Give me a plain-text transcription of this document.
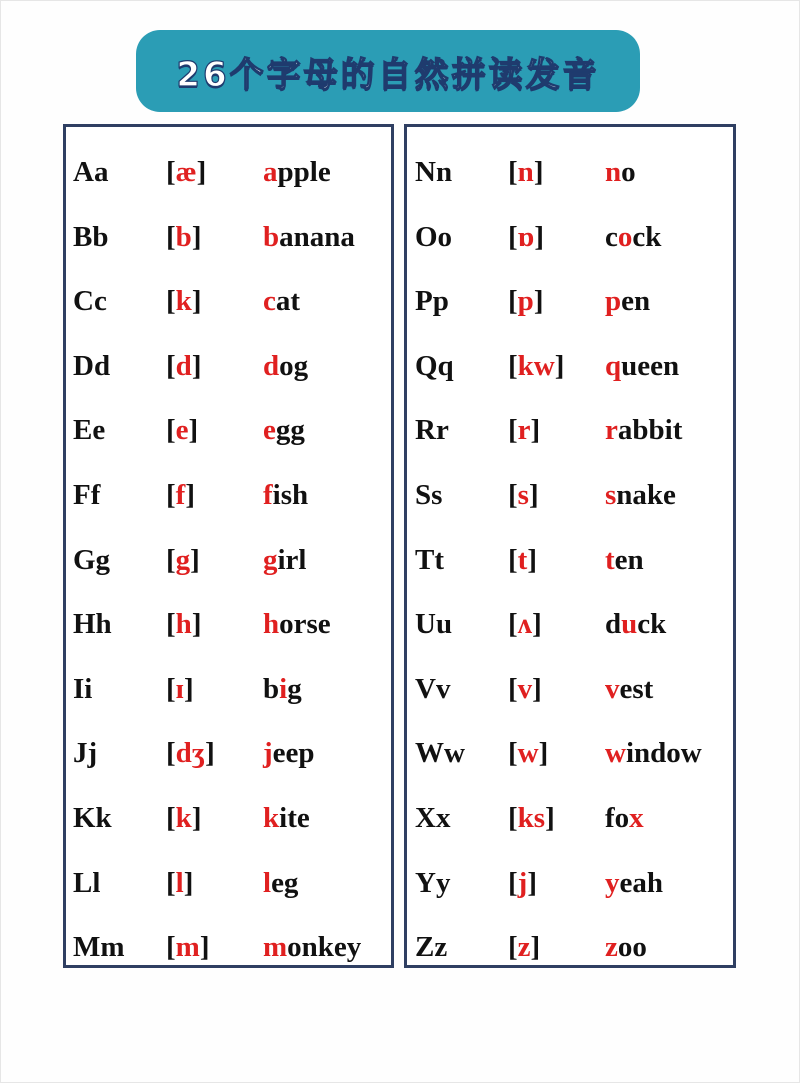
26个字母的自然拼读发音
Aa [æ] apple
Bb [b] banana
Cc [k] cat
Dd [d] dog
Ee [e] egg
Ff [f] fish
Gg [g] girl
Hh [h] horse
Ii	[ɪ] big
Jj [dʒ] jeep
Kk [k] kite
Ll [l] leg
Mm [m] monkey
Nn [n] no
Oo [ɒ] cock
Pp [p] pen
Qq [kw] queen
Rr [r] rabbit
Ss [s] snake
Tt [t] ten
Uu [ʌ] duck
Vv [v] vest
Ww [w] window
Xx [ks] fox
Yy [j] yeah
Zz [z] zoo
